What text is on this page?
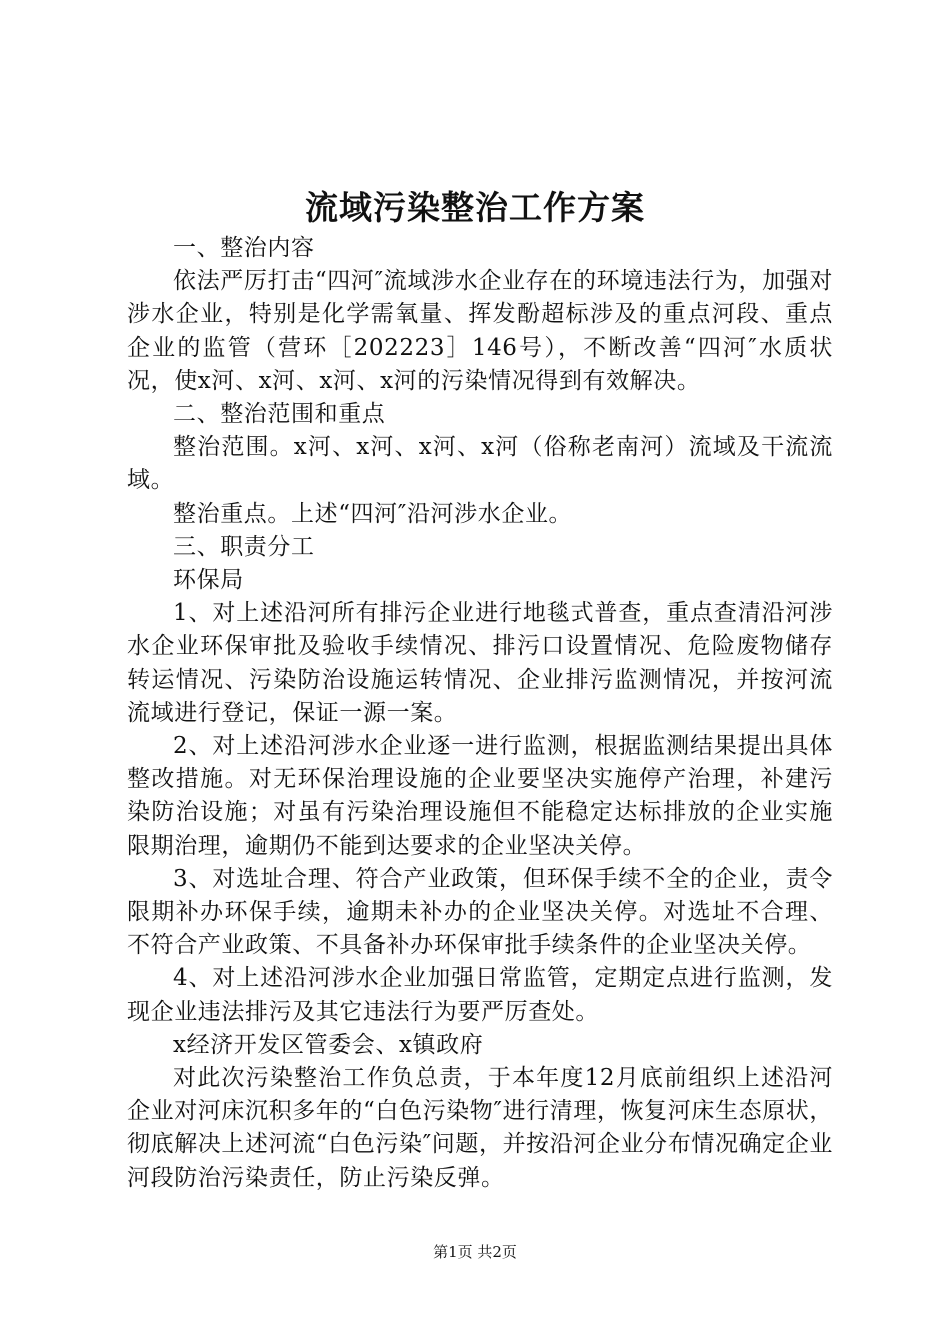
流域污染整治工作方案

一、整治内容

依法严厉打击“四河″流域涉水企业存在的环境违法行为，加强对涉水企业，特别是化学需氧量、挥发酚超标涉及的重点河段、重点企业的监管（营环［202223］146号），不断改善“四河″水质状况，使x河、x河、x河、x河的污染情况得到有效解决。

二、整治范围和重点

整治范围。x河、x河、x河、x河（俗称老南河）流域及干流流域。

整治重点。上述“四河″沿河涉水企业。

三、职责分工

环保局

1、对上述沿河所有排污企业进行地毯式普查，重点查清沿河涉水企业环保审批及验收手续情况、排污口设置情况、危险废物储存转运情况、污染防治设施运转情况、企业排污监测情况，并按河流流域进行登记，保证一源一案。

2、对上述沿河涉水企业逐一进行监测，根据监测结果提出具体整改措施。对无环保治理设施的企业要坚决实施停产治理，补建污染防治设施；对虽有污染治理设施但不能稳定达标排放的企业实施限期治理，逾期仍不能到达要求的企业坚决关停。

3、对选址合理、符合产业政策，但环保手续不全的企业，责令限期补办环保手续，逾期未补办的企业坚决关停。对选址不合理、不符合产业政策、不具备补办环保审批手续条件的企业坚决关停。

4、对上述沿河涉水企业加强日常监管，定期定点进行监测，发现企业违法排污及其它违法行为要严厉查处。

x经济开发区管委会、x镇政府

对此次污染整治工作负总责，于本年度12月底前组织上述沿河企业对河床沉积多年的“白色污染物″进行清理，恢复河床生态原状，彻底解决上述河流“白色污染″问题，并按沿河企业分布情况确定企业河段防治污染责任，防止污染反弹。

第1页 共2页
